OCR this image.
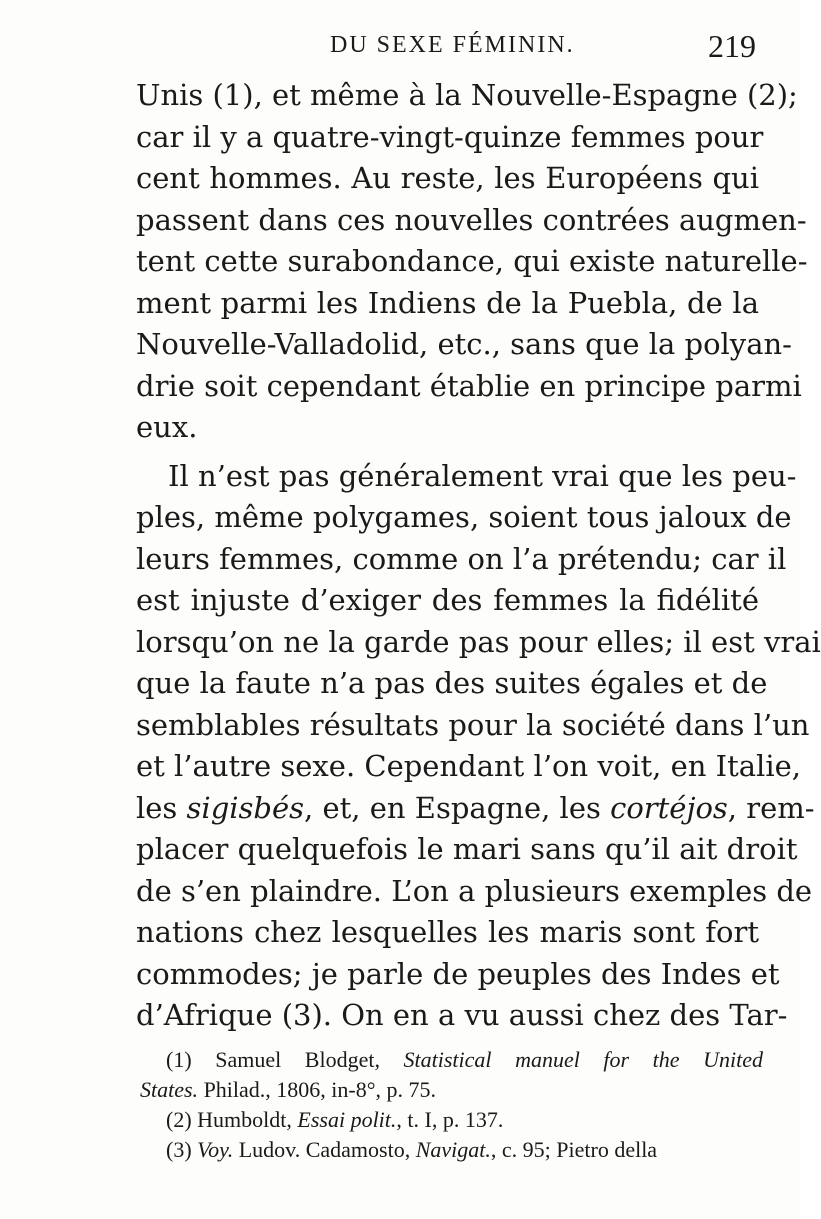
DU SEXE FÉMININ.	219
Unis (1), et même à la Nouvelle-Espagne (2);
car il y a quatre-vingt-quinze femmes pour
cent hommes. Au reste, les Européens qui
passent dans ces nouvelles contrées augmen-
tent cette surabondance, qui existe naturelle-
ment parmi les Indiens de la Puebla, de la
Nouvelle-Valladolid, etc., sans que la polyan-
drie soit cependant établie en principe parmi
eux.
Il n’est pas généralement vrai que les peu-
ples, même polygames, soient tous jaloux de
leurs femmes, comme on l’a prétendu; car il
est injuste d’exiger des femmes la fidélité
lorsqu’on ne la garde pas pour elles; il est vrai
que la faute n’a pas des suites égales et de
semblables résultats pour la société dans l’un
et l’autre sexe. Cependant l’on voit, en Italie,
les sigisbés, et, en Espagne, les cortéjos, rem-
placer quelquefois le mari sans qu’il ait droit
de s’en plaindre. L’on a plusieurs exemples de
nations chez lesquelles les maris sont fort
commodes; je parle de peuples des Indes et
d’Afrique (3). On en a vu aussi chez des Tar-
(1) Samuel Blodget, Statistical manuel for the United
States. Philad., 1806, in-8°, p. 75.
(2) Humboldt, Essai polit., t. I, p. 137.
(3) Voy. Ludov. Cadamosto, Navigat., c. 95; Pietro della
